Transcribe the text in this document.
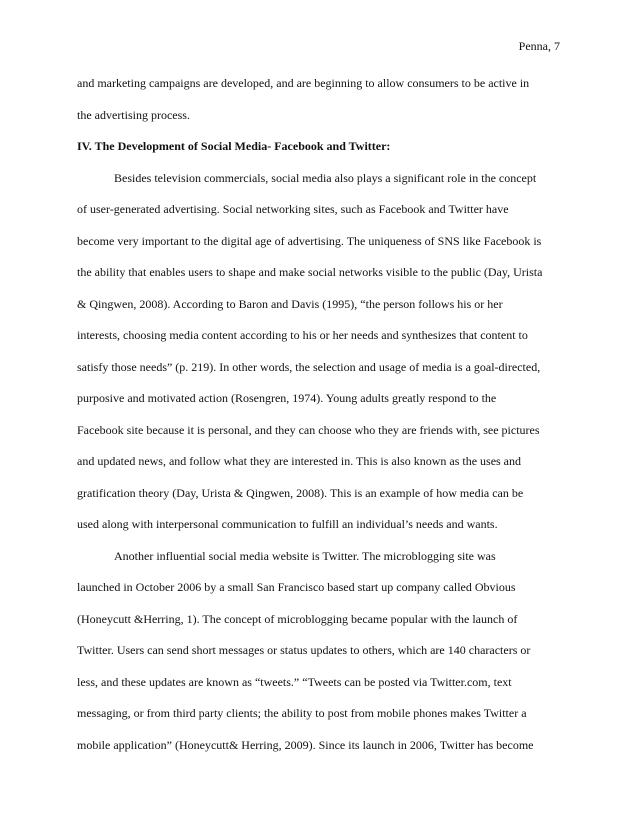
Penna, 7
and marketing campaigns are developed, and are beginning to allow consumers to be active in
the advertising process.
IV. The Development of Social Media- Facebook and Twitter:
Besides television commercials, social media also plays a significant role in the concept
of user-generated advertising. Social networking sites, such as Facebook and Twitter have
become very important to the digital age of advertising. The uniqueness of SNS like Facebook is
the ability that enables users to shape and make social networks visible to the public (Day, Urista
& Qingwen, 2008). According to Baron and Davis (1995), “the person follows his or her
interests, choosing media content according to his or her needs and synthesizes that content to
satisfy those needs” (p. 219). In other words, the selection and usage of media is a goal-directed,
purposive and motivated action (Rosengren, 1974). Young adults greatly respond to the
Facebook site because it is personal, and they can choose who they are friends with, see pictures
and updated news, and follow what they are interested in. This is also known as the uses and
gratification theory (Day, Urista & Qingwen, 2008). This is an example of how media can be
used along with interpersonal communication to fulfill an individual’s needs and wants.
Another influential social media website is Twitter. The microblogging site was
launched in October 2006 by a small San Francisco based start up company called Obvious
(Honeycutt &Herring, 1). The concept of microblogging became popular with the launch of
Twitter. Users can send short messages or status updates to others, which are 140 characters or
less, and these updates are known as “tweets.” “Tweets can be posted via Twitter.com, text
messaging, or from third party clients; the ability to post from mobile phones makes Twitter a
mobile application” (Honeycutt& Herring, 2009). Since its launch in 2006, Twitter has become
